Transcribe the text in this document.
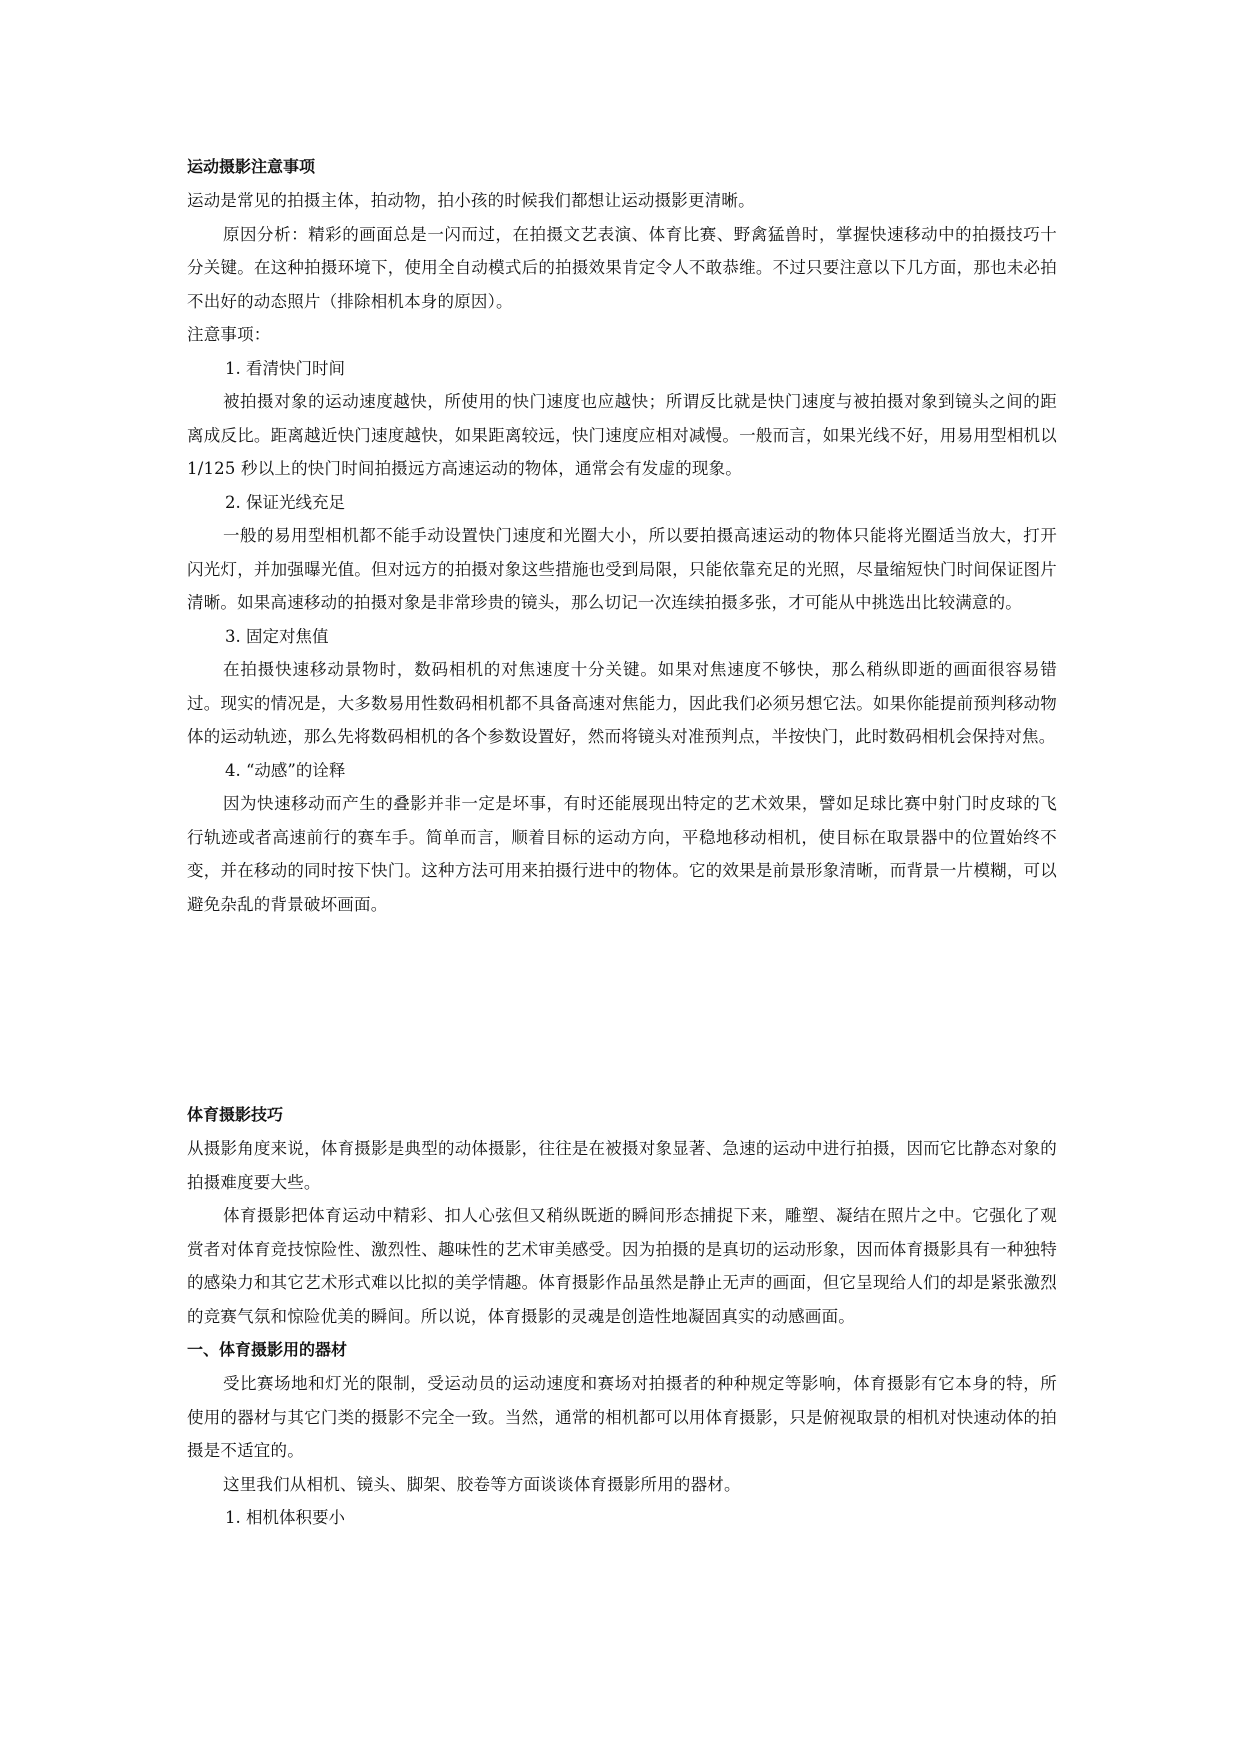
运动摄影注意事项
运动是常见的拍摄主体，拍动物，拍小孩的时候我们都想让运动摄影更清晰。
原因分析：精彩的画面总是一闪而过，在拍摄文艺表演、体育比赛、野禽猛兽时，掌握快速移动中的拍摄技巧十分关键。在这种拍摄环境下，使用全自动模式后的拍摄效果肯定令人不敢恭维。不过只要注意以下几方面，那也未必拍不出好的动态照片（排除相机本身的原因）。
注意事项：
1. 看清快门时间
被拍摄对象的运动速度越快，所使用的快门速度也应越快；所谓反比就是快门速度与被拍摄对象到镜头之间的距离成反比。距离越近快门速度越快，如果距离较远，快门速度应相对减慢。一般而言，如果光线不好，用易用型相机以 1/125 秒以上的快门时间拍摄远方高速运动的物体，通常会有发虚的现象。
2. 保证光线充足
一般的易用型相机都不能手动设置快门速度和光圈大小，所以要拍摄高速运动的物体只能将光圈适当放大，打开闪光灯，并加强曝光值。但对远方的拍摄对象这些措施也受到局限，只能依靠充足的光照，尽量缩短快门时间保证图片清晰。如果高速移动的拍摄对象是非常珍贵的镜头，那么切记一次连续拍摄多张，才可能从中挑选出比较满意的。
3. 固定对焦值
在拍摄快速移动景物时，数码相机的对焦速度十分关键。如果对焦速度不够快，那么稍纵即逝的画面很容易错过。现实的情况是，大多数易用性数码相机都不具备高速对焦能力，因此我们必须另想它法。如果你能提前预判移动物体的运动轨迹，那么先将数码相机的各个参数设置好，然而将镜头对准预判点，半按快门，此时数码相机会保持对焦。
4. “动感”的诠释
因为快速移动而产生的叠影并非一定是坏事，有时还能展现出特定的艺术效果，譬如足球比赛中射门时皮球的飞行轨迹或者高速前行的赛车手。简单而言，顺着目标的运动方向，平稳地移动相机，使目标在取景器中的位置始终不变，并在移动的同时按下快门。这种方法可用来拍摄行进中的物体。它的效果是前景形象清晰，而背景一片模糊，可以避免杂乱的背景破坏画面。
体育摄影技巧
从摄影角度来说，体育摄影是典型的动体摄影，往往是在被摄对象显著、急速的运动中进行拍摄，因而它比静态对象的拍摄难度要大些。
体育摄影把体育运动中精彩、扣人心弦但又稍纵既逝的瞬间形态捕捉下来，雕塑、凝结在照片之中。它强化了观赏者对体育竞技惊险性、激烈性、趣味性的艺术审美感受。因为拍摄的是真切的运动形象，因而体育摄影具有一种独特的感染力和其它艺术形式难以比拟的美学情趣。体育摄影作品虽然是静止无声的画面，但它呈现给人们的却是紧张激烈的竞赛气氛和惊险优美的瞬间。所以说，体育摄影的灵魂是创造性地凝固真实的动感画面。
一、体育摄影用的器材
受比赛场地和灯光的限制，受运动员的运动速度和赛场对拍摄者的种种规定等影响，体育摄影有它本身的特，所使用的器材与其它门类的摄影不完全一致。当然，通常的相机都可以用体育摄影，只是俯视取景的相机对快速动体的拍摄是不适宜的。
这里我们从相机、镜头、脚架、胶卷等方面谈谈体育摄影所用的器材。
1. 相机体积要小
